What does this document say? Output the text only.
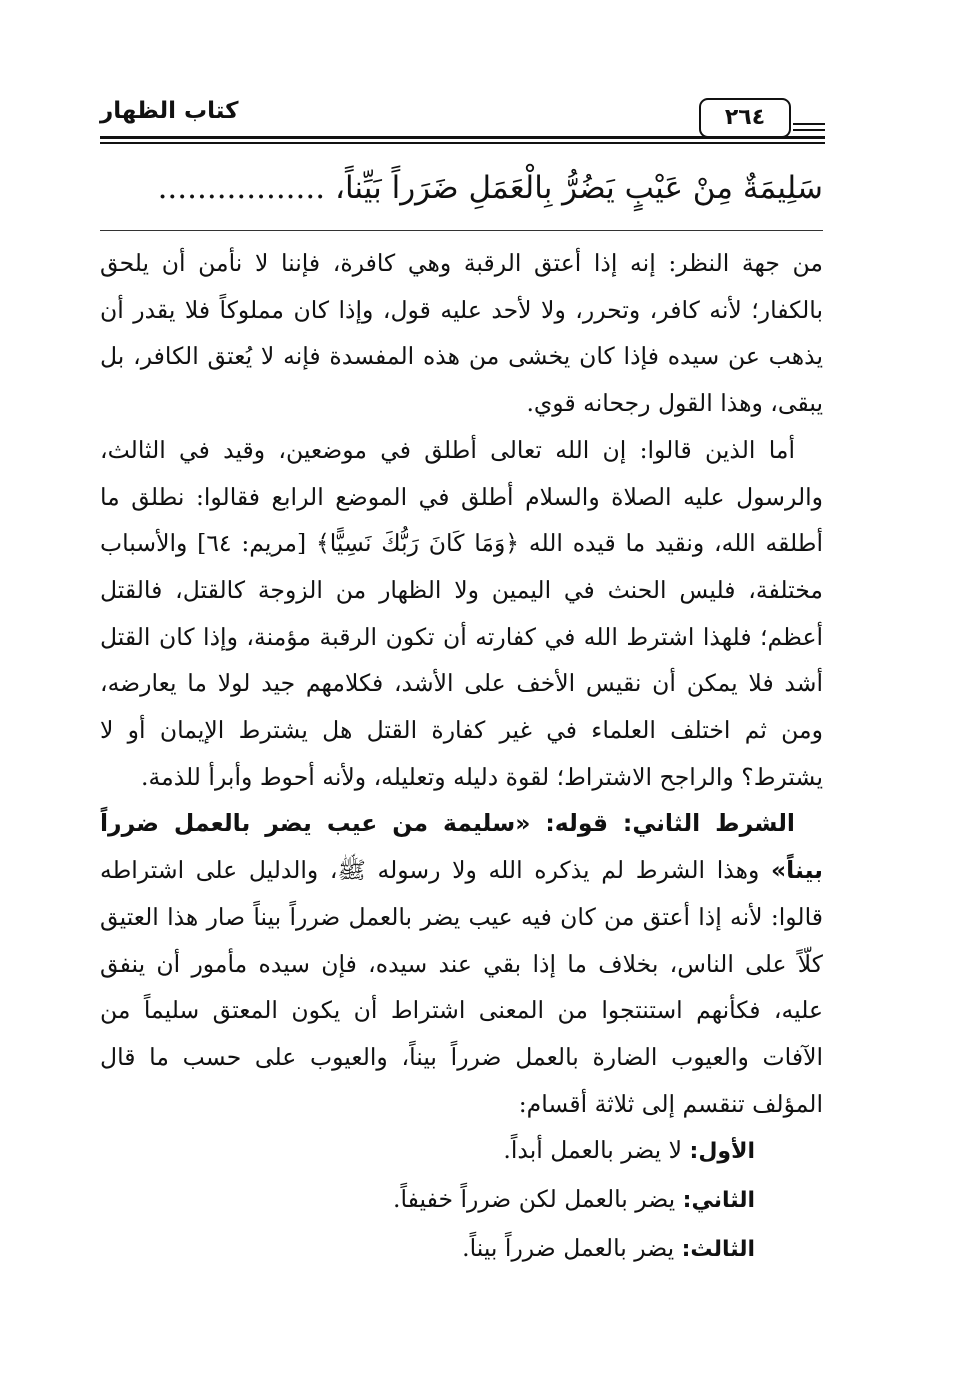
كتاب الظهار	٢٦٤
سَلِيمَةٌ مِنْ عَيْبٍ يَضُرُّ بِالْعَمَلِ ضَرَراً بَيِّناً، .................

من جهة النظر: إنه إذا أعتق الرقبة وهي كافرة، فإننا لا نأمن أن يلحق بالكفار؛ لأنه كافر، وتحرر، ولا لأحد عليه قول، وإذا كان مملوكاً فلا يقدر أن يذهب عن سيده فإذا كان يخشى من هذه المفسدة فإنه لا يُعتق الكافر، بل يبقى، وهذا القول رجحانه قوي.

أما الذين قالوا: إن الله تعالى أطلق في موضعين، وقيد في الثالث، والرسول عليه الصلاة والسلام أطلق في الموضع الرابع فقالوا: نطلق ما أطلقه الله، ونقيد ما قيده الله ﴿وَمَا كَانَ رَبُّكَ نَسِيًّا﴾ [مريم: ٦٤] والأسباب مختلفة، فليس الحنث في اليمين ولا الظهار من الزوجة كالقتل، فالقتل أعظم؛ فلهذا اشترط الله في كفارته أن تكون الرقبة مؤمنة، وإذا كان القتل أشد فلا يمكن أن نقيس الأخف على الأشد، فكلامهم جيد لولا ما يعارضه، ومن ثم اختلف العلماء في غير كفارة القتل هل يشترط الإيمان أو لا يشترط؟ والراجح الاشتراط؛ لقوة دليله وتعليله، ولأنه أحوط وأبرأ للذمة.

الشرط الثاني: قوله: «سليمة من عيب يضر بالعمل ضرراً بيناً» وهذا الشرط لم يذكره الله ولا رسوله ﷺ، والدليل على اشتراطه قالوا: لأنه إذا أعتق من كان فيه عيب يضر بالعمل ضرراً بيناً صار هذا العتيق كلّاً على الناس، بخلاف ما إذا بقي عند سيده، فإن سيده مأمور أن ينفق عليه، فكأنهم استنتجوا من المعنى اشتراط أن يكون المعتق سليماً من الآفات والعيوب الضارة بالعمل ضرراً بيناً، والعيوب على حسب ما قال المؤلف تنقسم إلى ثلاثة أقسام:

الأول: لا يضر بالعمل أبداً.

الثاني: يضر بالعمل لكن ضرراً خفيفاً.

الثالث: يضر بالعمل ضرراً بيناً.
